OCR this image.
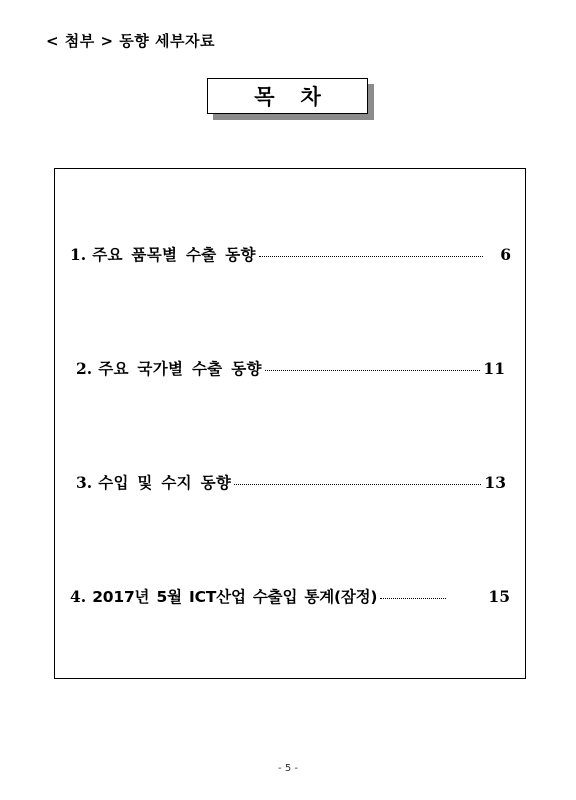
< 첨부 > 동향 세부자료
목차
1. 주요 품목별 수출 동향	6
2. 주요 국가별 수출 동향	11
3. 수입 및 수지 동향	13
4. 2017년 5월 ICT산업 수출입 통계(잠정)	15
- 5 -
